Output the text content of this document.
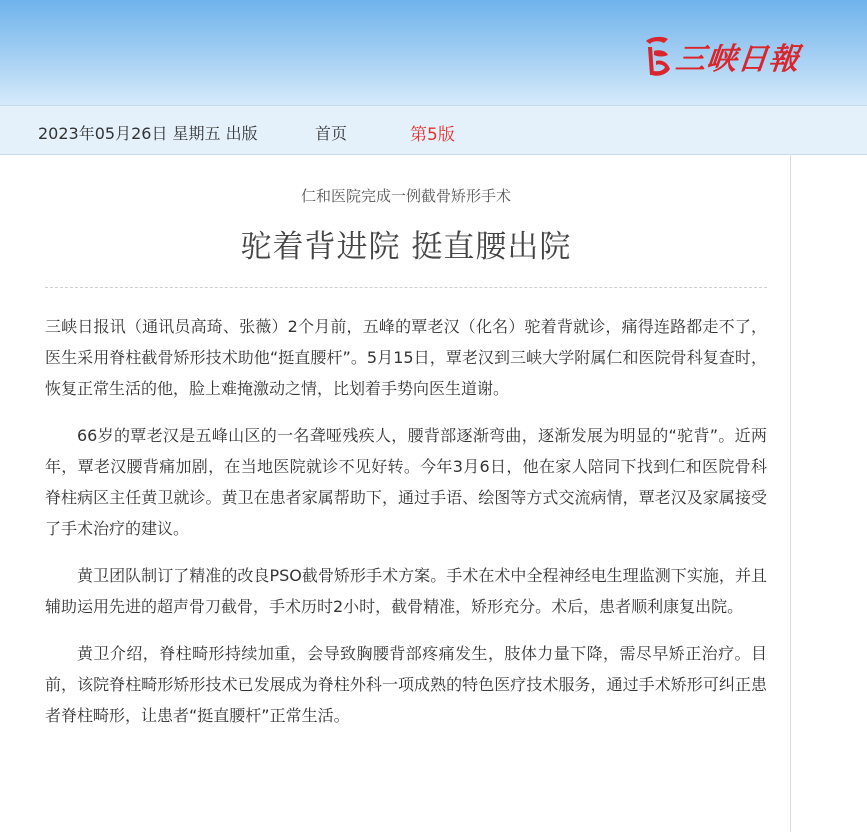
三峡日報
2023年05月26日 星期五 出版	首页	第5版
仁和医院完成一例截骨矫形手术
驼着背进院 挺直腰出院

三峡日报讯（通讯员高琦、张薇）2个月前，五峰的覃老汉（化名）驼着背就诊，痛得连路都走不了，医生采用脊柱截骨矫形技术助他“挺直腰杆”。5月15日，覃老汉到三峡大学附属仁和医院骨科复查时，恢复正常生活的他，脸上难掩激动之情，比划着手势向医生道谢。

66岁的覃老汉是五峰山区的一名聋哑残疾人，腰背部逐渐弯曲，逐渐发展为明显的“驼背”。近两年，覃老汉腰背痛加剧，在当地医院就诊不见好转。今年3月6日，他在家人陪同下找到仁和医院骨科脊柱病区主任黄卫就诊。黄卫在患者家属帮助下，通过手语、绘图等方式交流病情，覃老汉及家属接受了手术治疗的建议。

黄卫团队制订了精准的改良PSO截骨矫形手术方案。手术在术中全程神经电生理监测下实施，并且辅助运用先进的超声骨刀截骨，手术历时2小时，截骨精准，矫形充分。术后，患者顺利康复出院。

黄卫介绍，脊柱畸形持续加重，会导致胸腰背部疼痛发生，肢体力量下降，需尽早矫正治疗。目前，该院脊柱畸形矫形技术已发展成为脊柱外科一项成熟的特色医疗技术服务，通过手术矫形可纠正患者脊柱畸形，让患者“挺直腰杆”正常生活。
